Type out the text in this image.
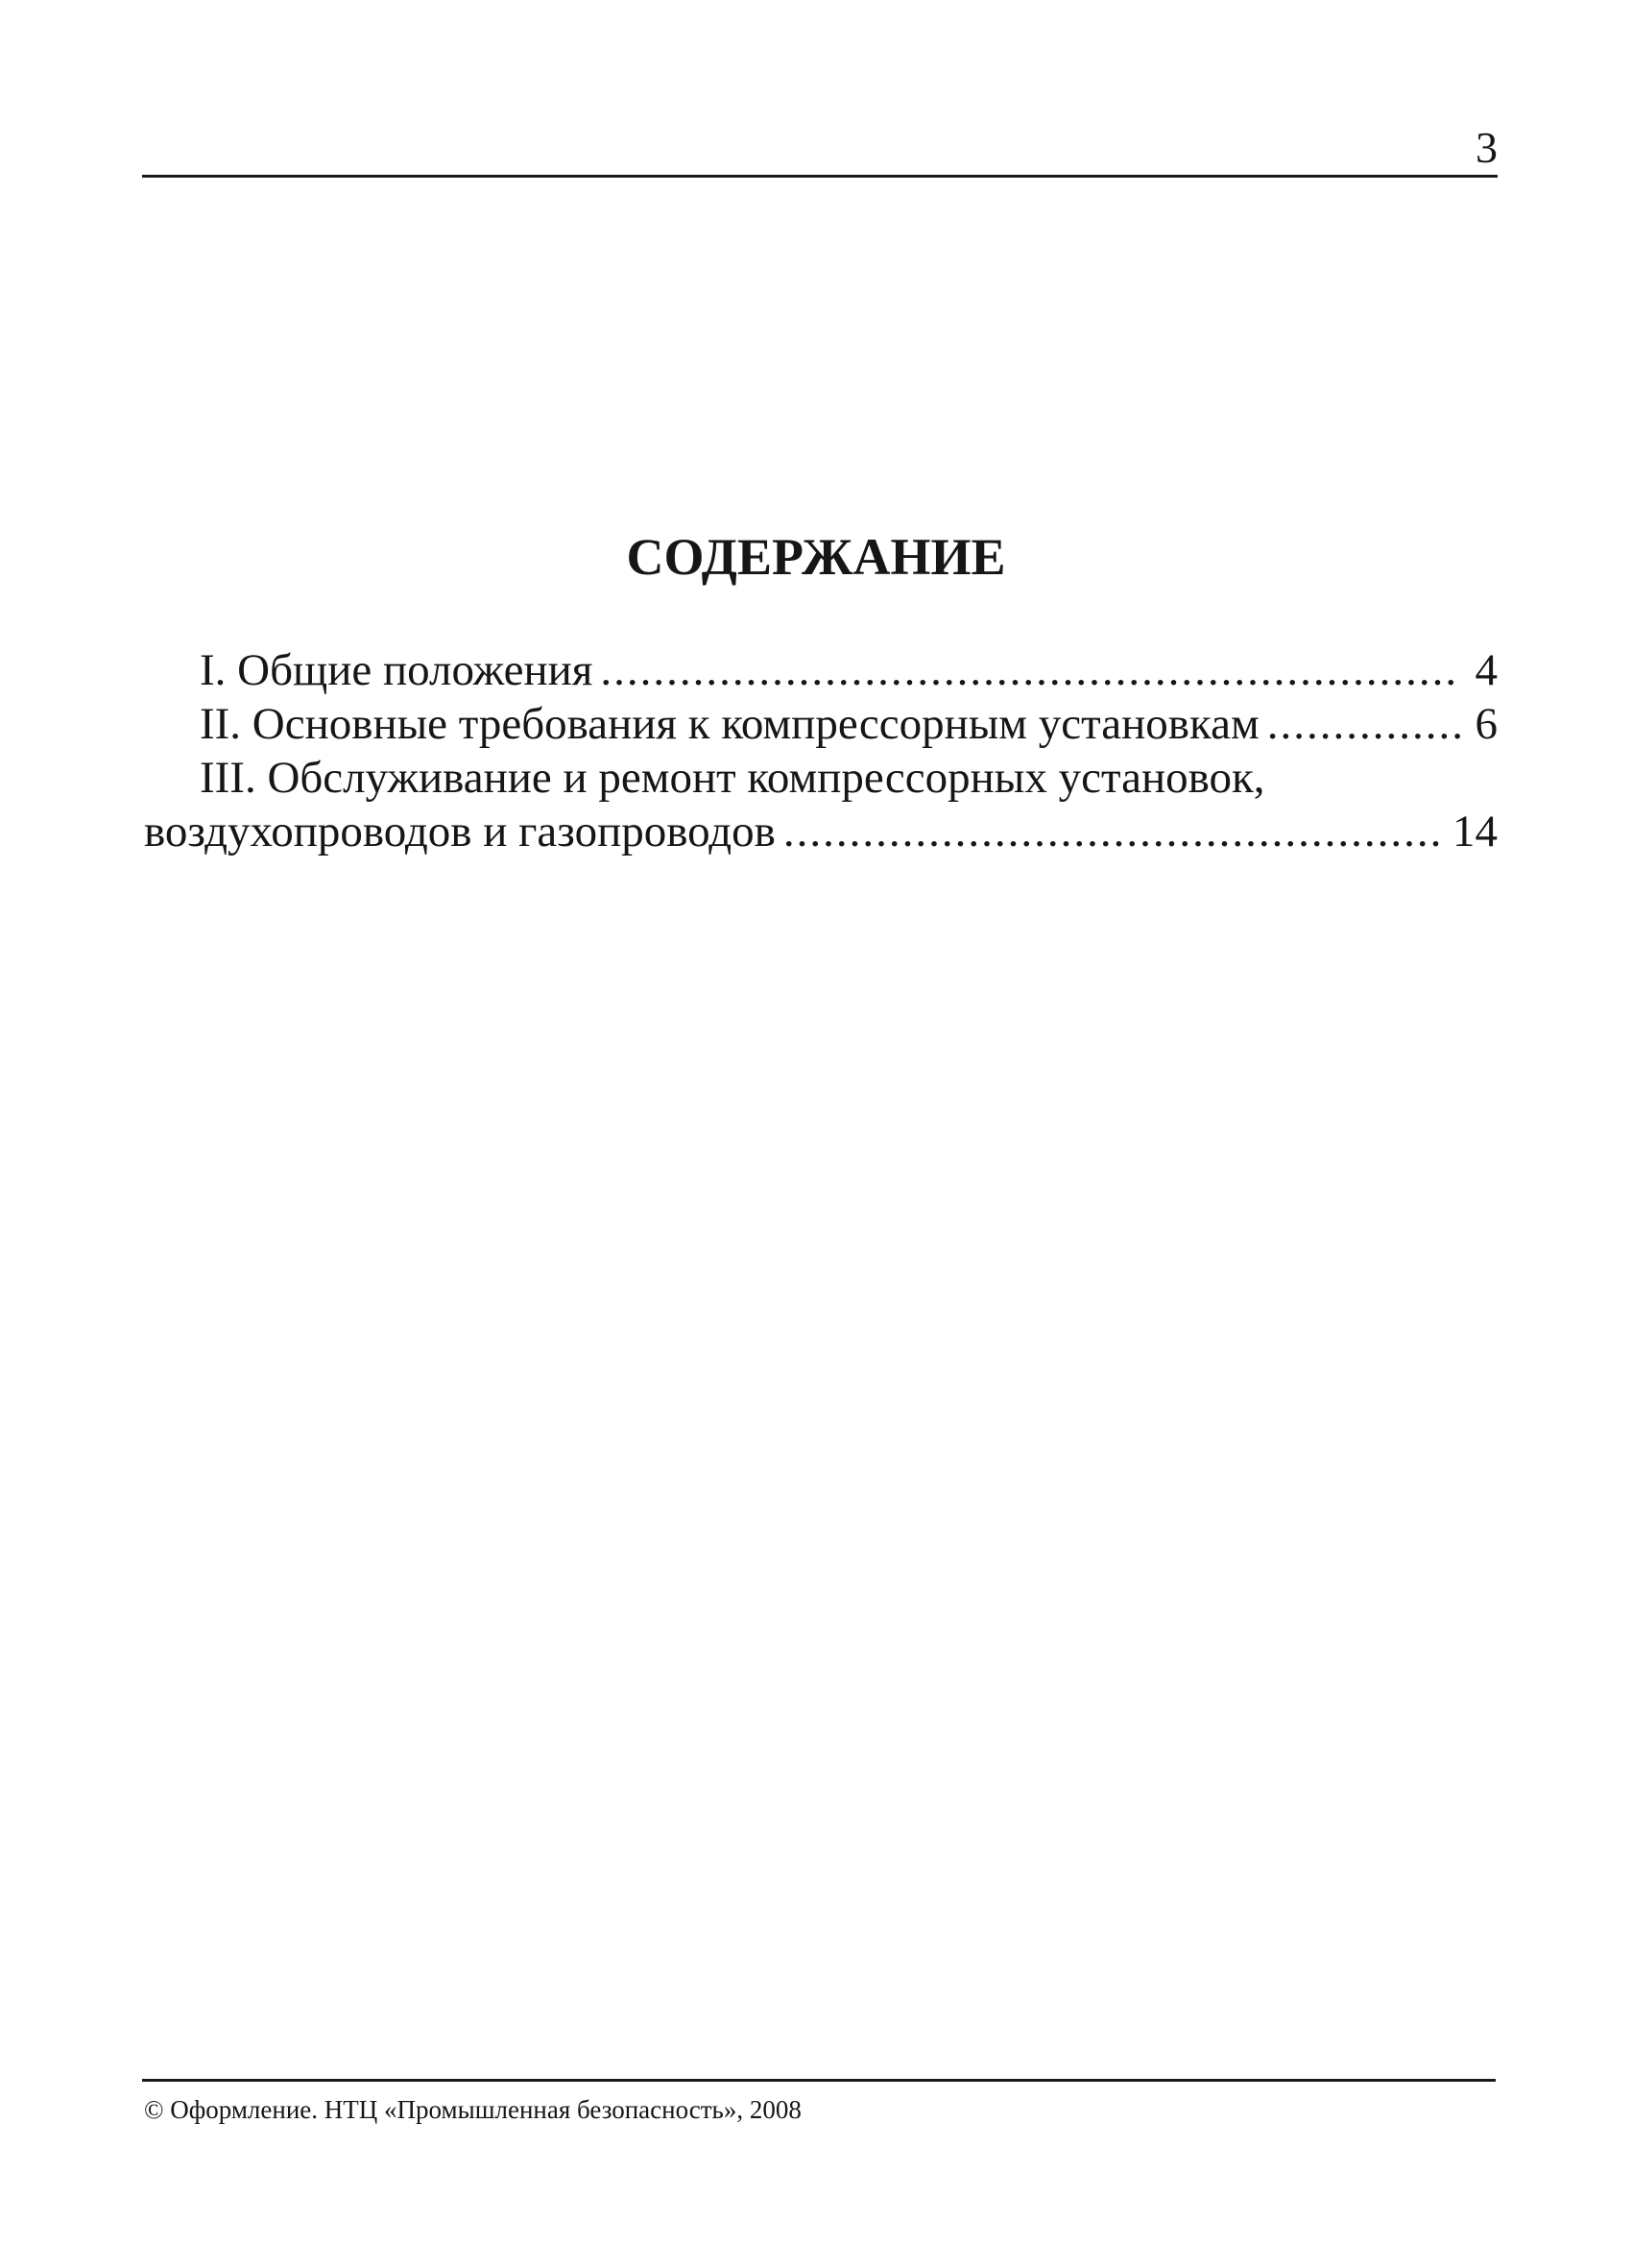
3
СОДЕРЖАНИЕ
I. Общие положения .....	4
II. Основные требования к компрессорным установкам .....	6
III. Обслуживание и ремонт компрессорных установок,
воздухопроводов и газопроводов .....	14
© Оформление. НТЦ «Промышленная безопасность», 2008
